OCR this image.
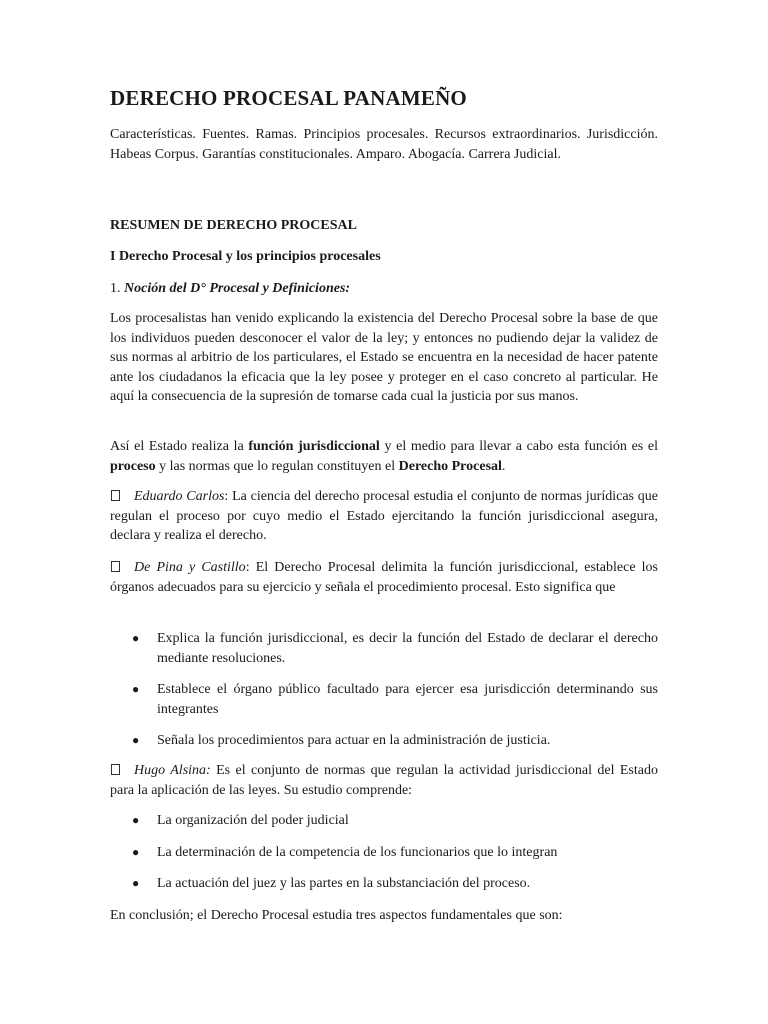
DERECHO PROCESAL PANAMEÑO

Características. Fuentes. Ramas. Principios procesales. Recursos extraordinarios. Jurisdicción. Habeas Corpus. Garantías constitucionales. Amparo. Abogacía. Carrera Judicial.

RESUMEN DE DERECHO PROCESAL

I Derecho Procesal y los principios procesales

1. Noción del D° Procesal y Definiciones:

Los procesalistas han venido explicando la existencia del Derecho Procesal sobre la base de que los individuos pueden desconocer el valor de la ley; y entonces no pudiendo dejar la validez de sus normas al arbitrio de los particulares, el Estado se encuentra en la necesidad de hacer patente ante los ciudadanos la eficacia que la ley posee y proteger en el caso concreto al particular. He aquí la consecuencia de la supresión de tomarse cada cual la justicia por sus manos.

Así el Estado realiza la función jurisdiccional y el medio para llevar a cabo esta función es el proceso y las normas que lo regulan constituyen el Derecho Procesal.

Eduardo Carlos: La ciencia del derecho procesal estudia el conjunto de normas jurídicas que regulan el proceso por cuyo medio el Estado ejercitando la función jurisdiccional asegura, declara y realiza el derecho.

De Pina y Castillo: El Derecho Procesal delimita la función jurisdiccional, establece los órganos adecuados para su ejercicio y señala el procedimiento procesal. Esto significa que

● Explica la función jurisdiccional, es decir la función del Estado de declarar el derecho mediante resoluciones.
● Establece el órgano público facultado para ejercer esa jurisdicción determinando sus integrantes
● Señala los procedimientos para actuar en la administración de justicia.

Hugo Alsina: Es el conjunto de normas que regulan la actividad jurisdiccional del Estado para la aplicación de las leyes. Su estudio comprende:

● La organización del poder judicial
● La determinación de la competencia de los funcionarios que lo integran
● La actuación del juez y las partes en la substanciación del proceso.

En conclusión; el Derecho Procesal estudia tres aspectos fundamentales que son:
